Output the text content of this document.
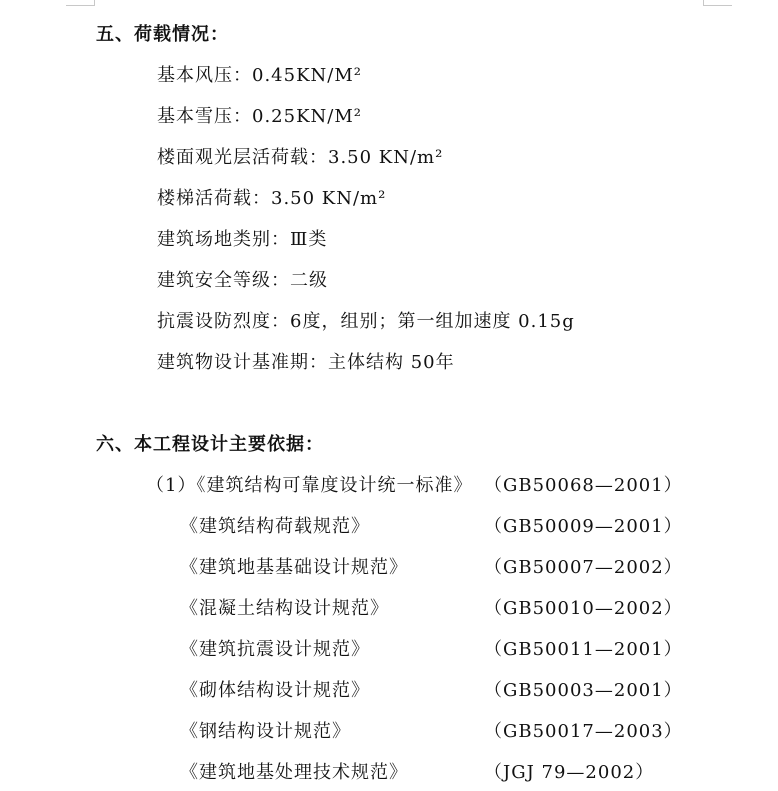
五、荷载情况：
基本风压：0.45KN/M²
基本雪压：0.25KN/M²
楼面观光层活荷载：3.50 KN/m²
楼梯活荷载：3.50 KN/m²
建筑场地类别：Ⅲ类
建筑安全等级：二级
抗震设防烈度：6度，组别；第一组加速度 0.15g
建筑物设计基准期：主体结构 50年
六、本工程设计主要依据：
（1）《建筑结构可靠度设计统一标准》 （GB50068—2001）
《建筑结构荷载规范》	（GB50009—2001）
《建筑地基基础设计规范》	（GB50007—2002）
《混凝土结构设计规范》	（GB50010—2002）
《建筑抗震设计规范》	（GB50011—2001）
《砌体结构设计规范》	（GB50003—2001）
《钢结构设计规范》	（GB50017—2003）
《建筑地基处理技术规范》	（JGJ 79—2002）
